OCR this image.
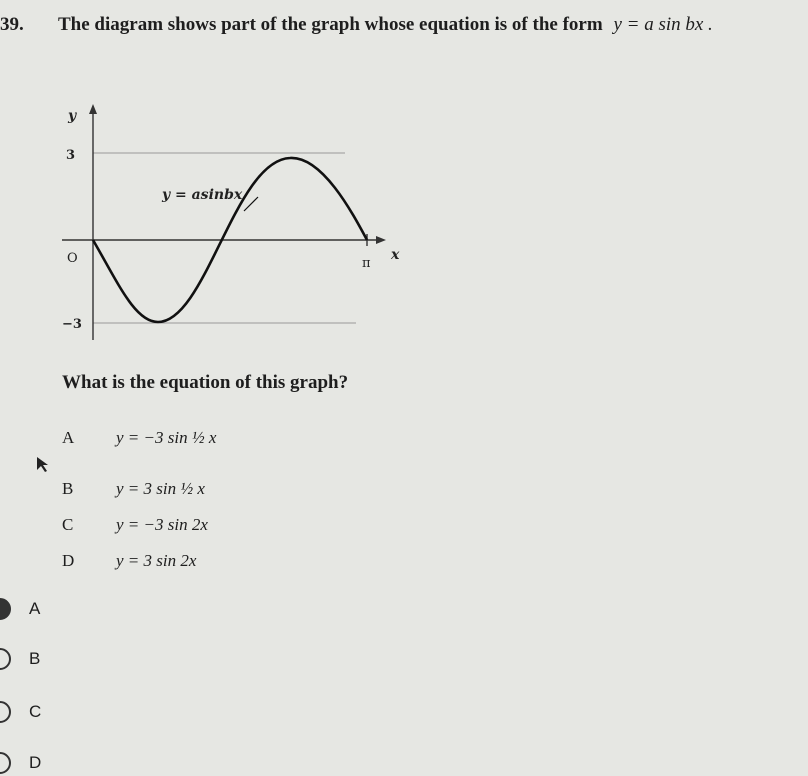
39. The diagram shows part of the graph whose equation is of the form y = a sin bx .
y
x
3
−3
O	π
y = asinbx
What is the equation of this graph?
A	y = −3 sin ½ x
B	y = 3 sin ½ x
C	y = −3 sin 2x
D	y = 3 sin 2x
A
B
C
D
